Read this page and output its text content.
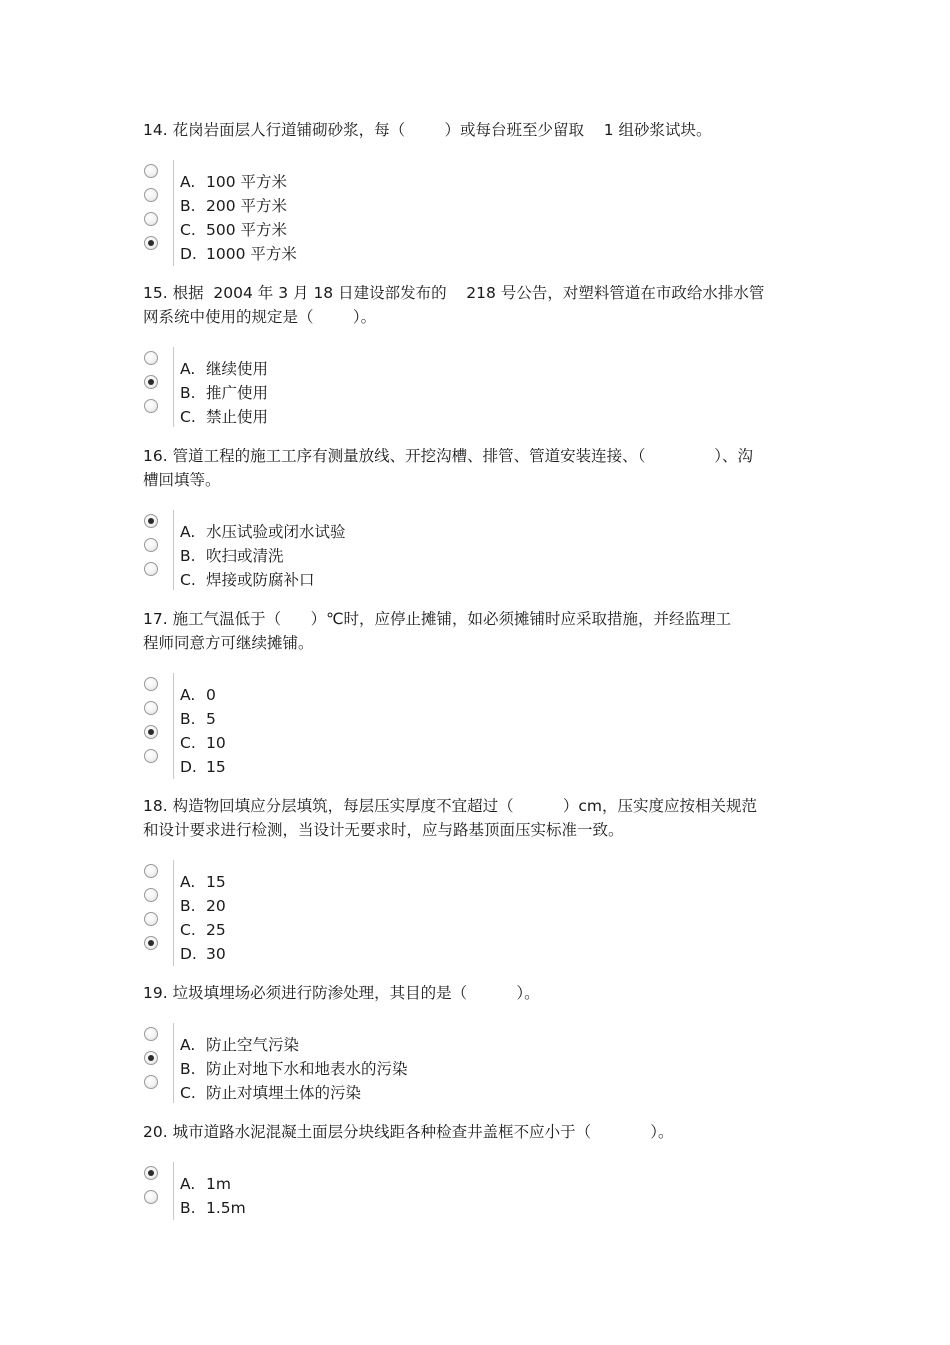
14. 花岗岩面层人行道铺砌砂浆，每（        ）或每台班至少留取    1 组砂浆试块。

A. 100 平方米
B. 200 平方米
C. 500 平方米
D. 1000 平方米

15. 根据  2004 年 3 月 18 日建设部发布的    218 号公告，对塑料管道在市政给水排水管
网系统中使用的规定是（        ）。

A. 继续使用
B. 推广使用
C. 禁止使用

16. 管道工程的施工工序有测量放线、开挖沟槽、排管、管道安装连接、（              ）、沟
槽回填等。

A. 水压试验或闭水试验
B. 吹扫或清洗
C. 焊接或防腐补口

17. 施工气温低于（      ）℃时，应停止摊铺，如必须摊铺时应采取措施，并经监理工
程师同意方可继续摊铺。

A. 0
B. 5
C. 10
D. 15

18. 构造物回填应分层填筑，每层压实厚度不宜超过（          ）cm，压实度应按相关规范
和设计要求进行检测，当设计无要求时，应与路基顶面压实标准一致。

A. 15
B. 20
C. 25
D. 30

19. 垃圾填埋场必须进行防渗处理，其目的是（          ）。

A. 防止空气污染
B. 防止对地下水和地表水的污染
C. 防止对填埋土体的污染

20. 城市道路水泥混凝土面层分块线距各种检查井盖框不应小于（            ）。

A. 1m
B. 1.5m
